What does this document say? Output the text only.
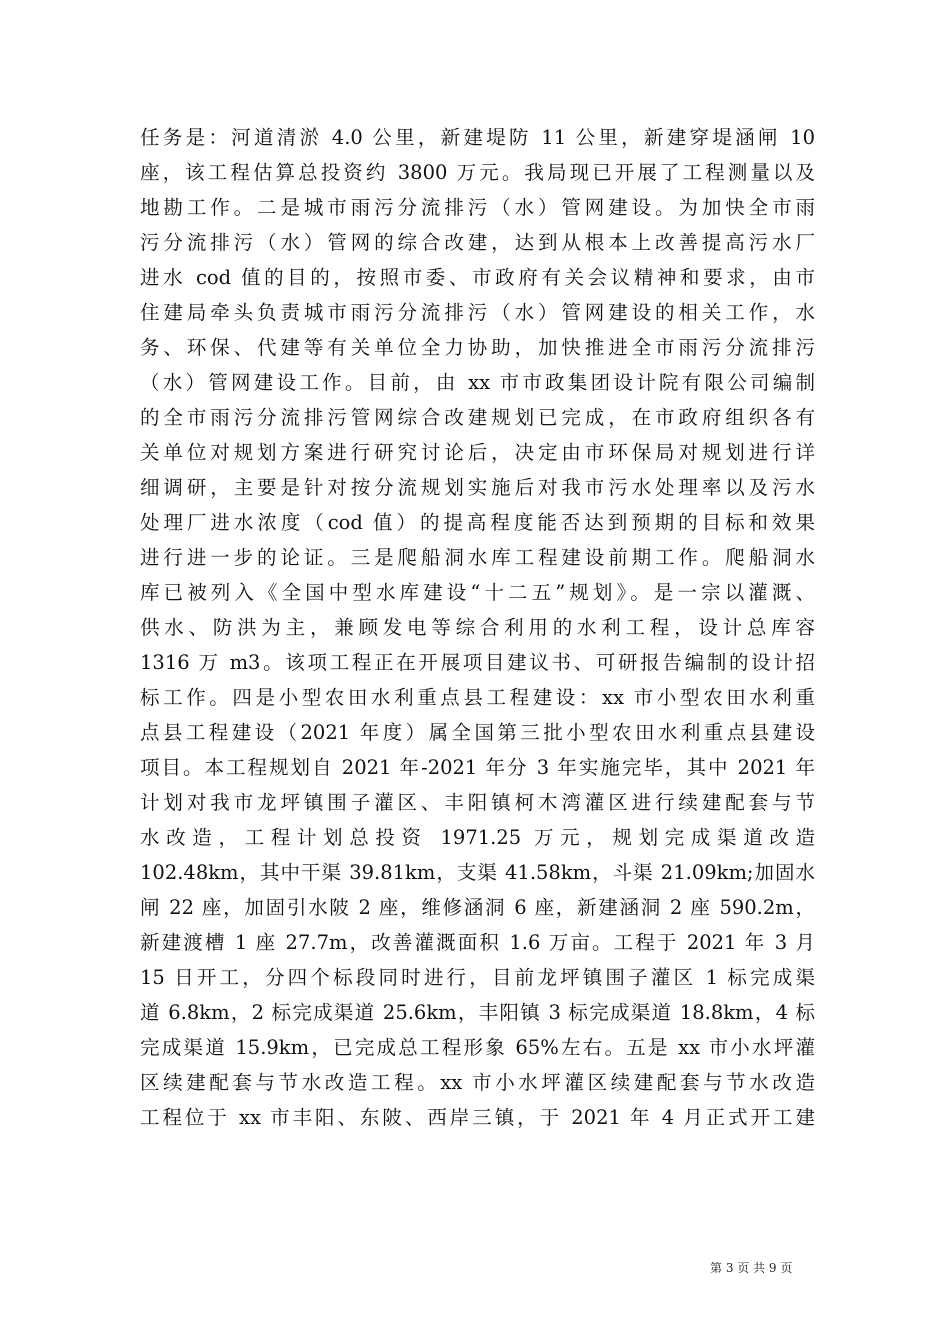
任务是：河道清淤 4.0 公里，新建堤防 11 公里，新建穿堤涵闸 10
座，该工程估算总投资约 3800 万元。我局现已开展了工程测量以及
地勘工作。二是城市雨污分流排污（水）管网建设。为加快全市雨
污分流排污（水）管网的综合改建，达到从根本上改善提高污水厂
进水 cod 值的目的，按照市委、市政府有关会议精神和要求，由市
住建局牵头负责城市雨污分流排污（水）管网建设的相关工作，水
务、环保、代建等有关单位全力协助，加快推进全市雨污分流排污
（水）管网建设工作。目前，由 xx 市市政集团设计院有限公司编制
的全市雨污分流排污管网综合改建规划已完成，在市政府组织各有
关单位对规划方案进行研究讨论后，决定由市环保局对规划进行详
细调研，主要是针对按分流规划实施后对我市污水处理率以及污水
处理厂进水浓度（cod 值）的提高程度能否达到预期的目标和效果
进行进一步的论证。三是爬船洞水库工程建设前期工作。爬船洞水
库已被列入《全国中型水库建设“十二五”规划》。是一宗以灌溉、
供水、防洪为主，兼顾发电等综合利用的水利工程，设计总库容
1316 万 m3。该项工程正在开展项目建议书、可研报告编制的设计招
标工作。四是小型农田水利重点县工程建设：xx 市小型农田水利重
点县工程建设（2021 年度）属全国第三批小型农田水利重点县建设
项目。本工程规划自 2021 年-2021 年分 3 年实施完毕，其中 2021 年
计划对我市龙坪镇围子灌区、丰阳镇柯木湾灌区进行续建配套与节
水改造，工程计划总投资 1971.25 万元，规划完成渠道改造
102.48km，其中干渠 39.81km，支渠 41.58km，斗渠 21.09km;加固水
闸 22 座，加固引水陂 2 座，维修涵洞 6 座，新建涵洞 2 座 590.2m，
新建渡槽 1 座 27.7m，改善灌溉面积 1.6 万亩。工程于 2021 年 3 月
15 日开工，分四个标段同时进行，目前龙坪镇围子灌区 1 标完成渠
道 6.8km，2 标完成渠道 25.6km，丰阳镇 3 标完成渠道 18.8km，4 标
完成渠道 15.9km，已完成总工程形象 65%左右。五是 xx 市小水坪灌
区续建配套与节水改造工程。xx 市小水坪灌区续建配套与节水改造
工程位于 xx 市丰阳、东陂、西岸三镇，于 2021 年 4 月正式开工建
第 3 页 共 9 页
